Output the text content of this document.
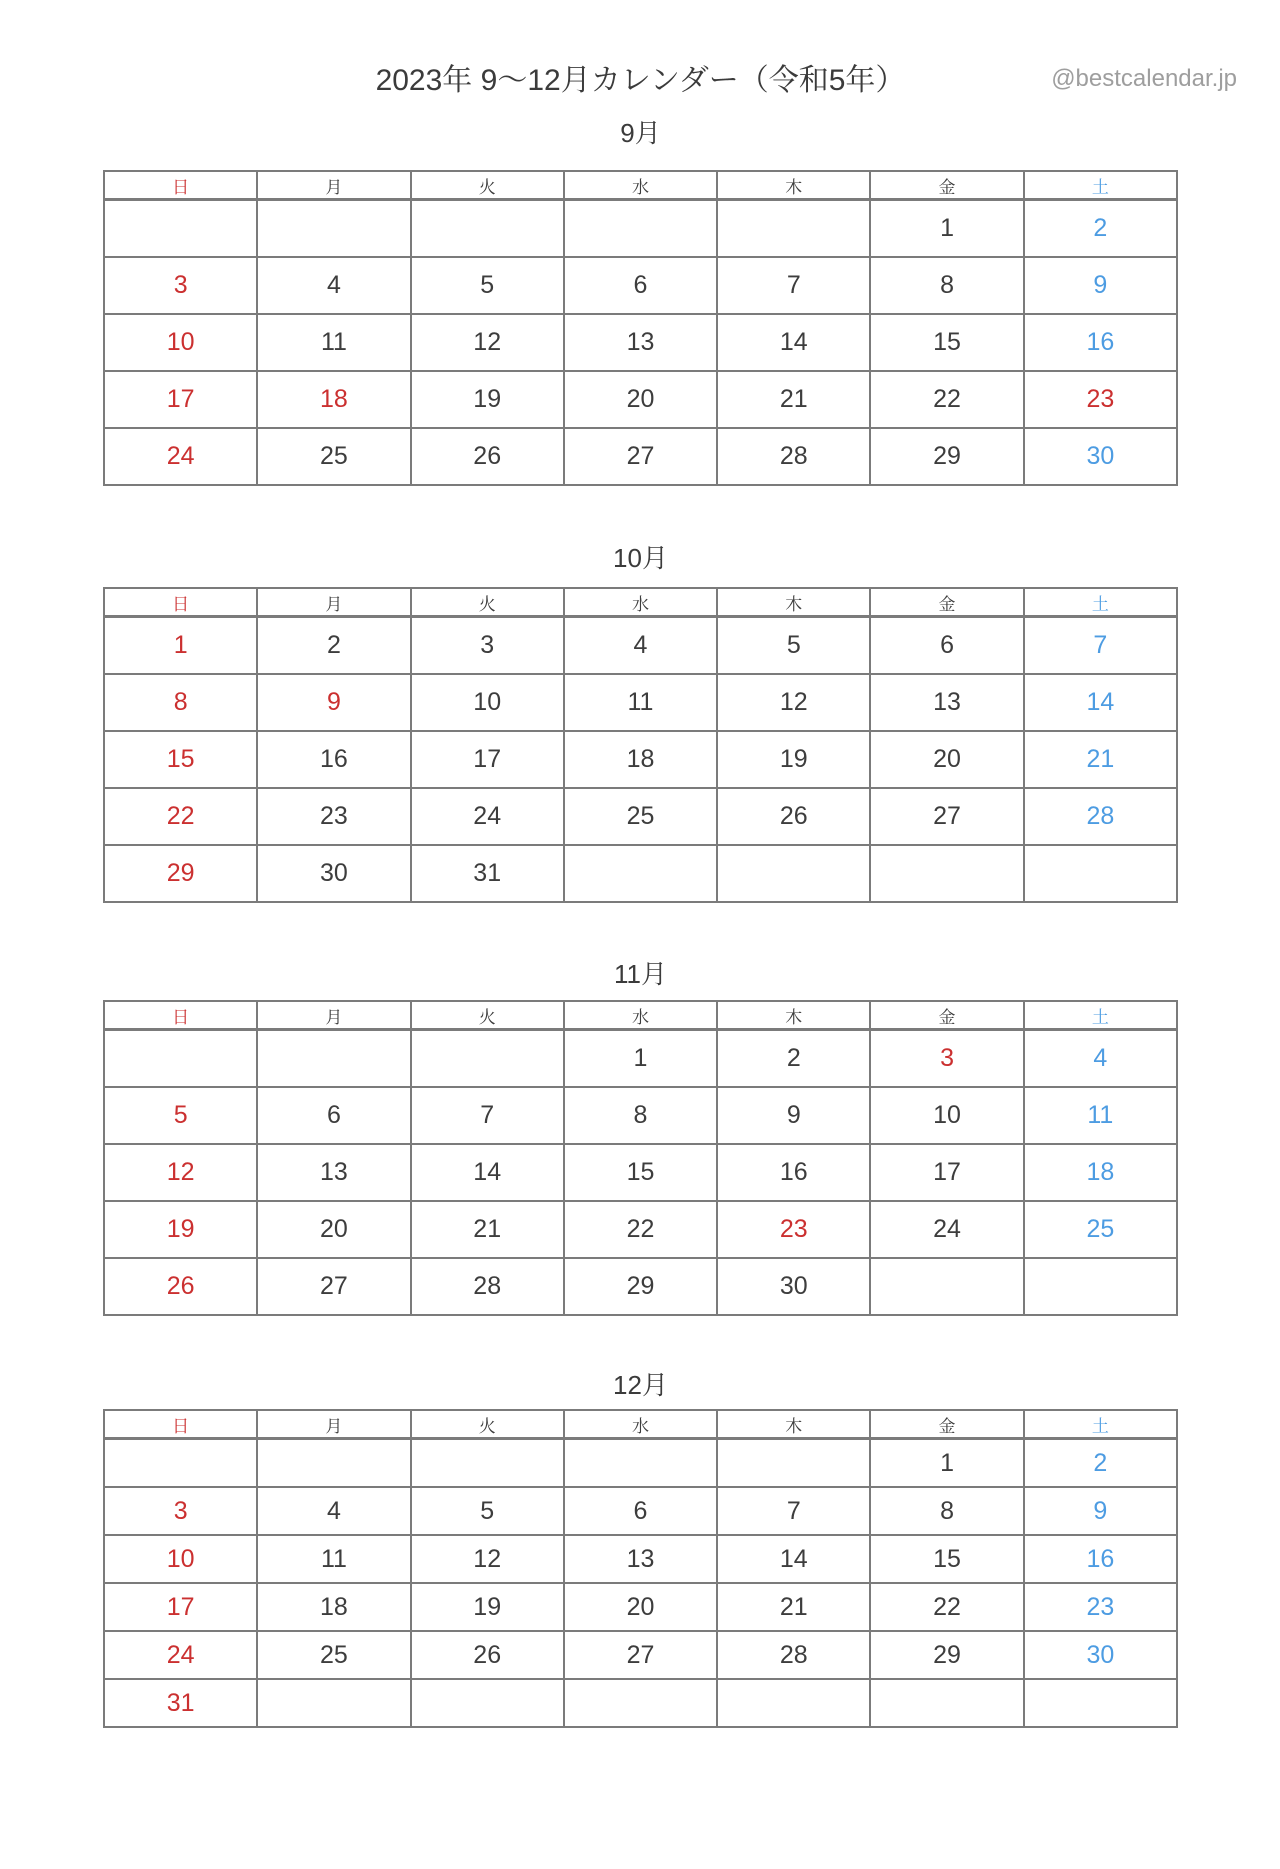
@bestcalendar.jp
2023年 9〜12月カレンダー（令和5年）
9月
日	月	火	水	木	金	土
					1	2
3	4	5	6	7	8	9
10	11	12	13	14	15	16
17	18	19	20	21	22	23
24	25	26	27	28	29	30
10月
日	月	火	水	木	金	土
1	2	3	4	5	6	7
8	9	10	11	12	13	14
15	16	17	18	19	20	21
22	23	24	25	26	27	28
29	30	31				
11月
日	月	火	水	木	金	土
			1	2	3	4
5	6	7	8	9	10	11
12	13	14	15	16	17	18
19	20	21	22	23	24	25
26	27	28	29	30		
12月
日	月	火	水	木	金	土
					1	2
3	4	5	6	7	8	9
10	11	12	13	14	15	16
17	18	19	20	21	22	23
24	25	26	27	28	29	30
31						
